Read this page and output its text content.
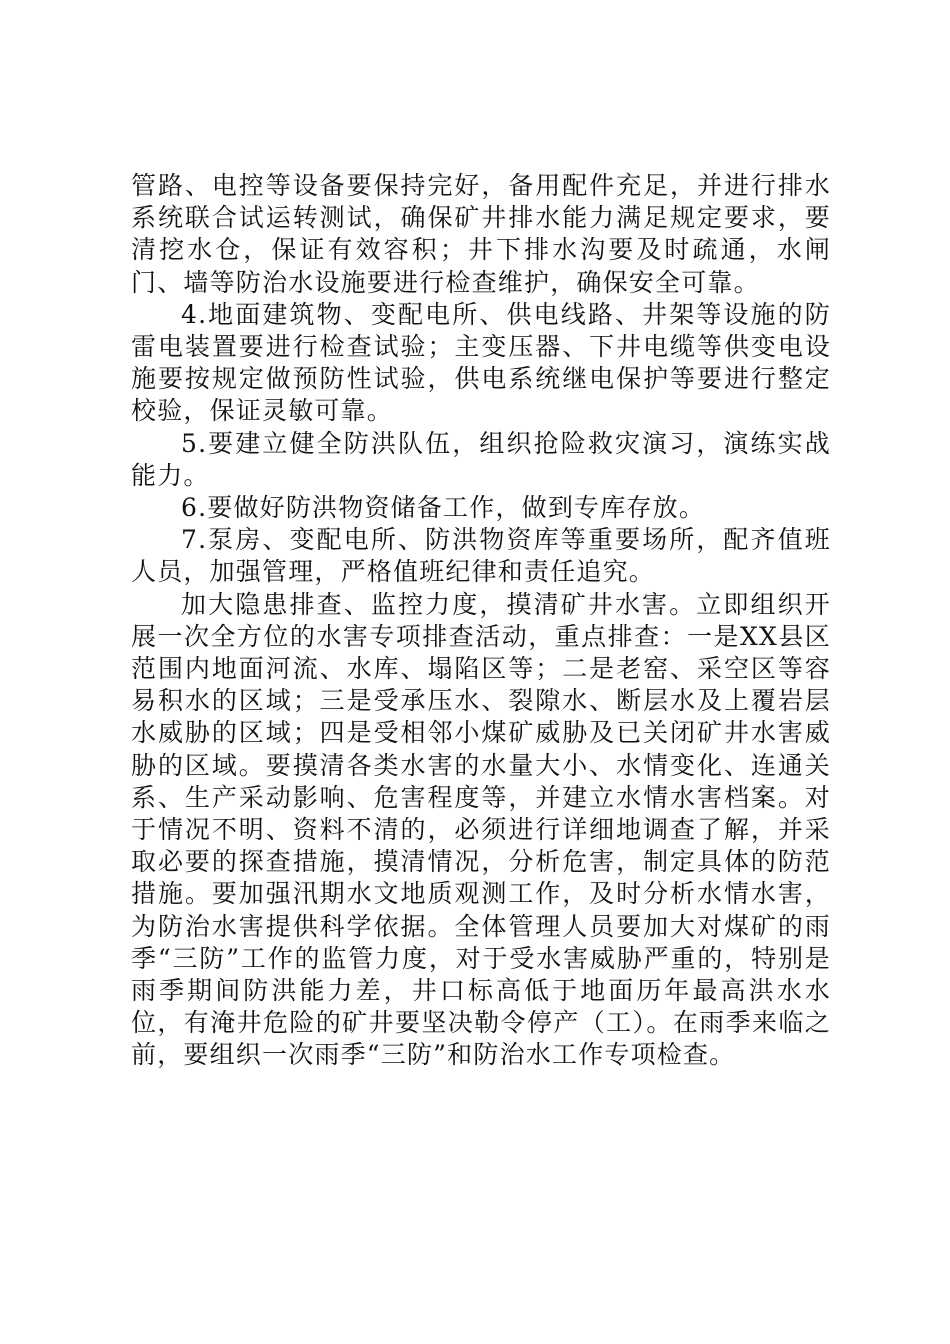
管路、电控等设备要保持完好，备用配件充足，并进行排水系统联合试运转测试，确保矿井排水能力满足规定要求，要清挖水仓，保证有效容积；井下排水沟要及时疏通，水闸门、墙等防治水设施要进行检查维护，确保安全可靠。

4.地面建筑物、变配电所、供电线路、井架等设施的防雷电装置要进行检查试验；主变压器、下井电缆等供变电设施要按规定做预防性试验，供电系统继电保护等要进行整定校验，保证灵敏可靠。

5.要建立健全防洪队伍，组织抢险救灾演习，演练实战能力。

6.要做好防洪物资储备工作，做到专库存放。

7.泵房、变配电所、防洪物资库等重要场所，配齐值班人员，加强管理，严格值班纪律和责任追究。

加大隐患排查、监控力度，摸清矿井水害。立即组织开展一次全方位的水害专项排查活动，重点排查：一是XX县区范围内地面河流、水库、塌陷区等；二是老窑、采空区等容易积水的区域；三是受承压水、裂隙水、断层水及上覆岩层水威胁的区域；四是受相邻小煤矿威胁及已关闭矿井水害威胁的区域。要摸清各类水害的水量大小、水情变化、连通关系、生产采动影响、危害程度等，并建立水情水害档案。对于情况不明、资料不清的，必须进行详细地调查了解，并采取必要的探查措施，摸清情况，分析危害，制定具体的防范措施。要加强汛期水文地质观测工作，及时分析水情水害，为防治水害提供科学依据。全体管理人员要加大对煤矿的雨季“三防”工作的监管力度，对于受水害威胁严重的，特别是雨季期间防洪能力差，井口标高低于地面历年最高洪水水位，有淹井危险的矿井要坚决勒令停产（工）。在雨季来临之前，要组织一次雨季“三防”和防治水工作专项检查。
